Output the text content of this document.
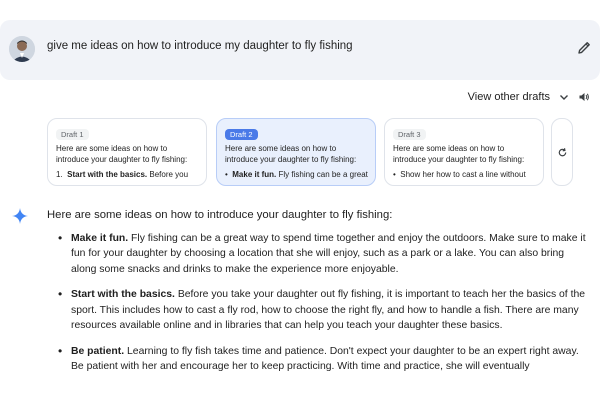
give me ideas on how to introduce my daughter to fly fishing
View other drafts
Draft 1
Here are some ideas on how to introduce your daughter to fly fishing:
1. Start with the basics. Before you
Draft 2
Here are some ideas on how to introduce your daughter to fly fishing:
• Make it fun. Fly fishing can be a great
Draft 3
Here are some ideas on how to introduce your daughter to fly fishing:
• Show her how to cast a line without
Here are some ideas on how to introduce your daughter to fly fishing:
• Make it fun. Fly fishing can be a great way to spend time together and enjoy the outdoors. Make sure to make it fun for your daughter by choosing a location that she will enjoy, such as a park or a lake. You can also bring along some snacks and drinks to make the experience more enjoyable.
• Start with the basics. Before you take your daughter out fly fishing, it is important to teach her the basics of the sport. This includes how to cast a fly rod, how to choose the right fly, and how to handle a fish. There are many resources available online and in libraries that can help you teach your daughter these basics.
• Be patient. Learning to fly fish takes time and patience. Don't expect your daughter to be an expert right away. Be patient with her and encourage her to keep practicing. With time and practice, she will eventually
